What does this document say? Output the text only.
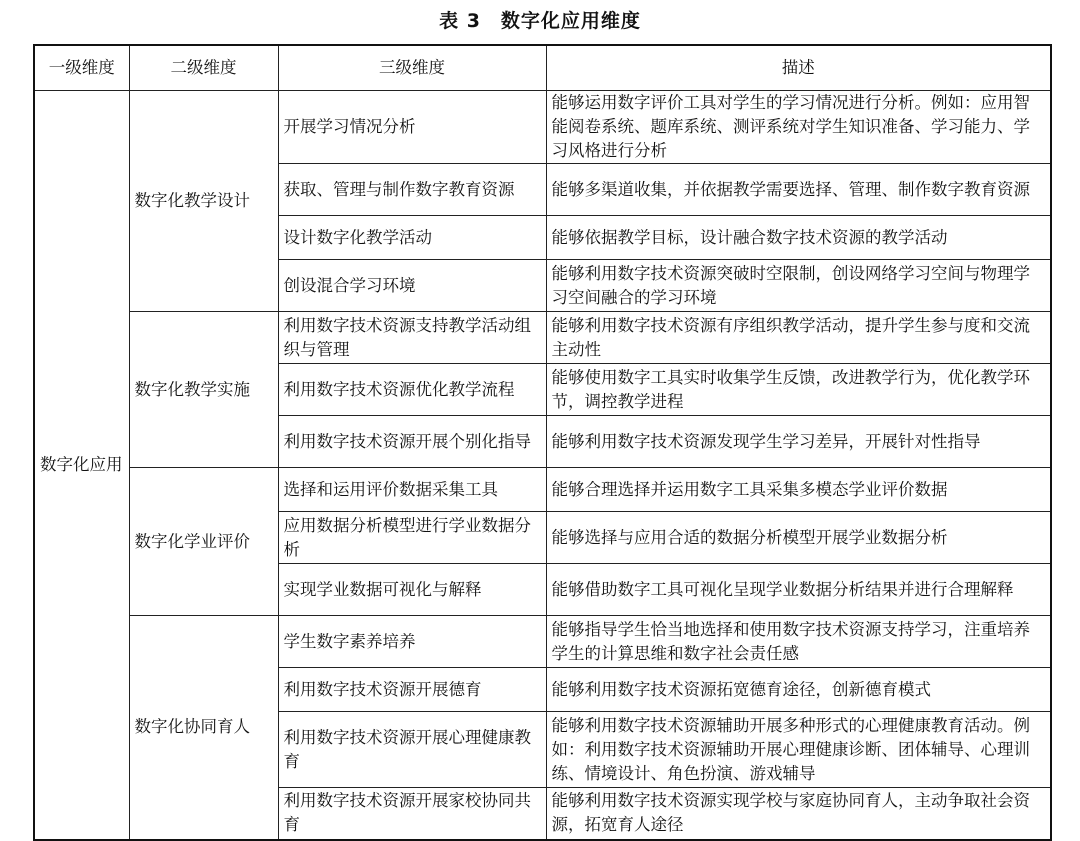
表 3　数字化应用维度
一级维度	二级维度	三级维度	描述
数字化应用	数字化教学设计	开展学习情况分析	能够运用数字评价工具对学生的学习情况进行分析。例如：应用智能阅卷系统、题库系统、测评系统对学生知识准备、学习能力、学习风格进行分析
		获取、管理与制作数字教育资源	能够多渠道收集，并依据教学需要选择、管理、制作数字教育资源
		设计数字化教学活动	能够依据教学目标，设计融合数字技术资源的教学活动
		创设混合学习环境	能够利用数字技术资源突破时空限制，创设网络学习空间与物理学习空间融合的学习环境
	数字化教学实施	利用数字技术资源支持教学活动组织与管理	能够利用数字技术资源有序组织教学活动，提升学生参与度和交流主动性
		利用数字技术资源优化教学流程	能够使用数字工具实时收集学生反馈，改进教学行为，优化教学环节，调控教学进程
		利用数字技术资源开展个别化指导	能够利用数字技术资源发现学生学习差异，开展针对性指导
	数字化学业评价	选择和运用评价数据采集工具	能够合理选择并运用数字工具采集多模态学业评价数据
		应用数据分析模型进行学业数据分析	能够选择与应用合适的数据分析模型开展学业数据分析
		实现学业数据可视化与解释	能够借助数字工具可视化呈现学业数据分析结果并进行合理解释
	数字化协同育人	学生数字素养培养	能够指导学生恰当地选择和使用数字技术资源支持学习，注重培养学生的计算思维和数字社会责任感
		利用数字技术资源开展德育	能够利用数字技术资源拓宽德育途径，创新德育模式
		利用数字技术资源开展心理健康教育	能够利用数字技术资源辅助开展多种形式的心理健康教育活动。例如：利用数字技术资源辅助开展心理健康诊断、团体辅导、心理训练、情境设计、角色扮演、游戏辅导
		利用数字技术资源开展家校协同共育	能够利用数字技术资源实现学校与家庭协同育人，主动争取社会资源，拓宽育人途径
